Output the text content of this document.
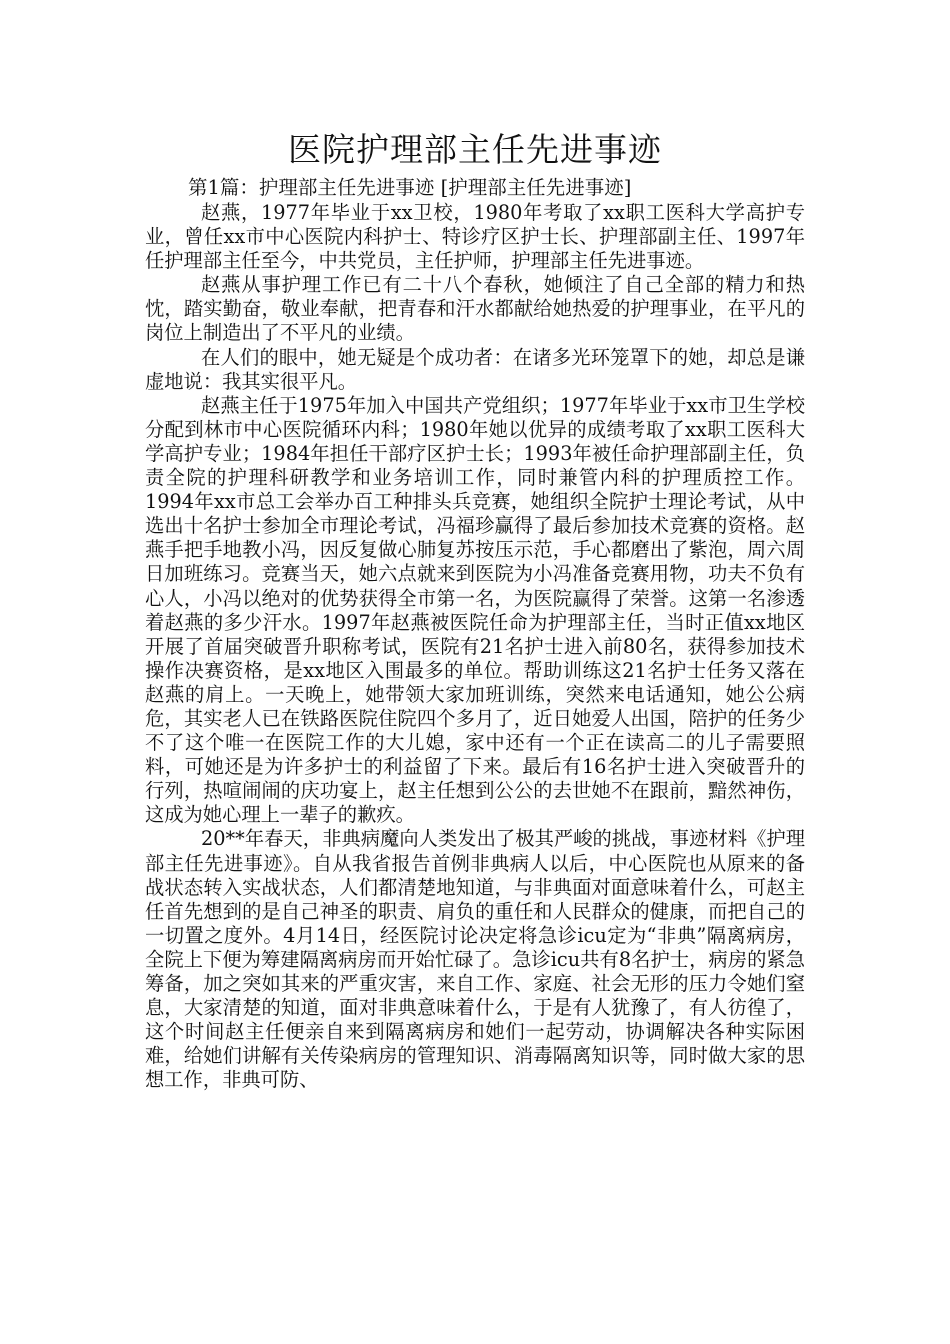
医院护理部主任先进事迹
第1篇：护理部主任先进事迹 [护理部主任先进事迹]

赵燕，1977年毕业于xx卫校，1980年考取了xx职工医科大学高护专业，曾任xx市中心医院内科护士、特诊疗区护士长、护理部副主任、1997年任护理部主任至今，中共党员，主任护师，护理部主任先进事迹。

赵燕从事护理工作已有二十八个春秋，她倾注了自己全部的精力和热忱，踏实勤奋，敬业奉献，把青春和汗水都献给她热爱的护理事业，在平凡的岗位上制造出了不平凡的业绩。

在人们的眼中，她无疑是个成功者：在诸多光环笼罩下的她，却总是谦虚地说：我其实很平凡。

赵燕主任于1975年加入中国共产党组织；1977年毕业于xx市卫生学校分配到林市中心医院循环内科；1980年她以优异的成绩考取了xx职工医科大学高护专业；1984年担任干部疗区护士长；1993年被任命护理部副主任，负责全院的护理科研教学和业务培训工作，同时兼管内科的护理质控工作。1994年xx市总工会举办百工种排头兵竞赛，她组织全院护士理论考试，从中选出十名护士参加全市理论考试，冯福珍赢得了最后参加技术竞赛的资格。赵燕手把手地教小冯，因反复做心肺复苏按压示范，手心都磨出了紫泡，周六周日加班练习。竞赛当天，她六点就来到医院为小冯准备竞赛用物，功夫不负有心人，小冯以绝对的优势获得全市第一名，为医院赢得了荣誉。这第一名渗透着赵燕的多少汗水。1997年赵燕被医院任命为护理部主任，当时正值xx地区开展了首届突破晋升职称考试，医院有21名护士进入前80名，获得参加技术操作决赛资格，是xx地区入围最多的单位。帮助训练这21名护士任务又落在赵燕的肩上。一天晚上，她带领大家加班训练，突然来电话通知，她公公病危，其实老人已在铁路医院住院四个多月了，近日她爱人出国，陪护的任务少不了这个唯一在医院工作的大儿媳，家中还有一个正在读高二的儿子需要照料，可她还是为许多护士的利益留了下来。最后有16名护士进入突破晋升的行列，热喧闹闹的庆功宴上，赵主任想到公公的去世她不在跟前，黯然神伤，这成为她心理上一辈子的歉疚。

20**年春天，非典病魔向人类发出了极其严峻的挑战，事迹材料《护理部主任先进事迹》。自从我省报告首例非典病人以后，中心医院也从原来的备战状态转入实战状态，人们都清楚地知道，与非典面对面意味着什么，可赵主任首先想到的是自己神圣的职责、肩负的重任和人民群众的健康，而把自己的一切置之度外。4月14日，经医院讨论决定将急诊icu定为“非典”隔离病房，全院上下便为筹建隔离病房而开始忙碌了。急诊icu共有8名护士，病房的紧急筹备，加之突如其来的严重灾害，来自工作、家庭、社会无形的压力令她们窒息，大家清楚的知道，面对非典意味着什么，于是有人犹豫了，有人彷徨了，这个时间赵主任便亲自来到隔离病房和她们一起劳动，协调解决各种实际困难，给她们讲解有关传染病房的管理知识、消毒隔离知识等，同时做大家的思想工作，非典可防、
